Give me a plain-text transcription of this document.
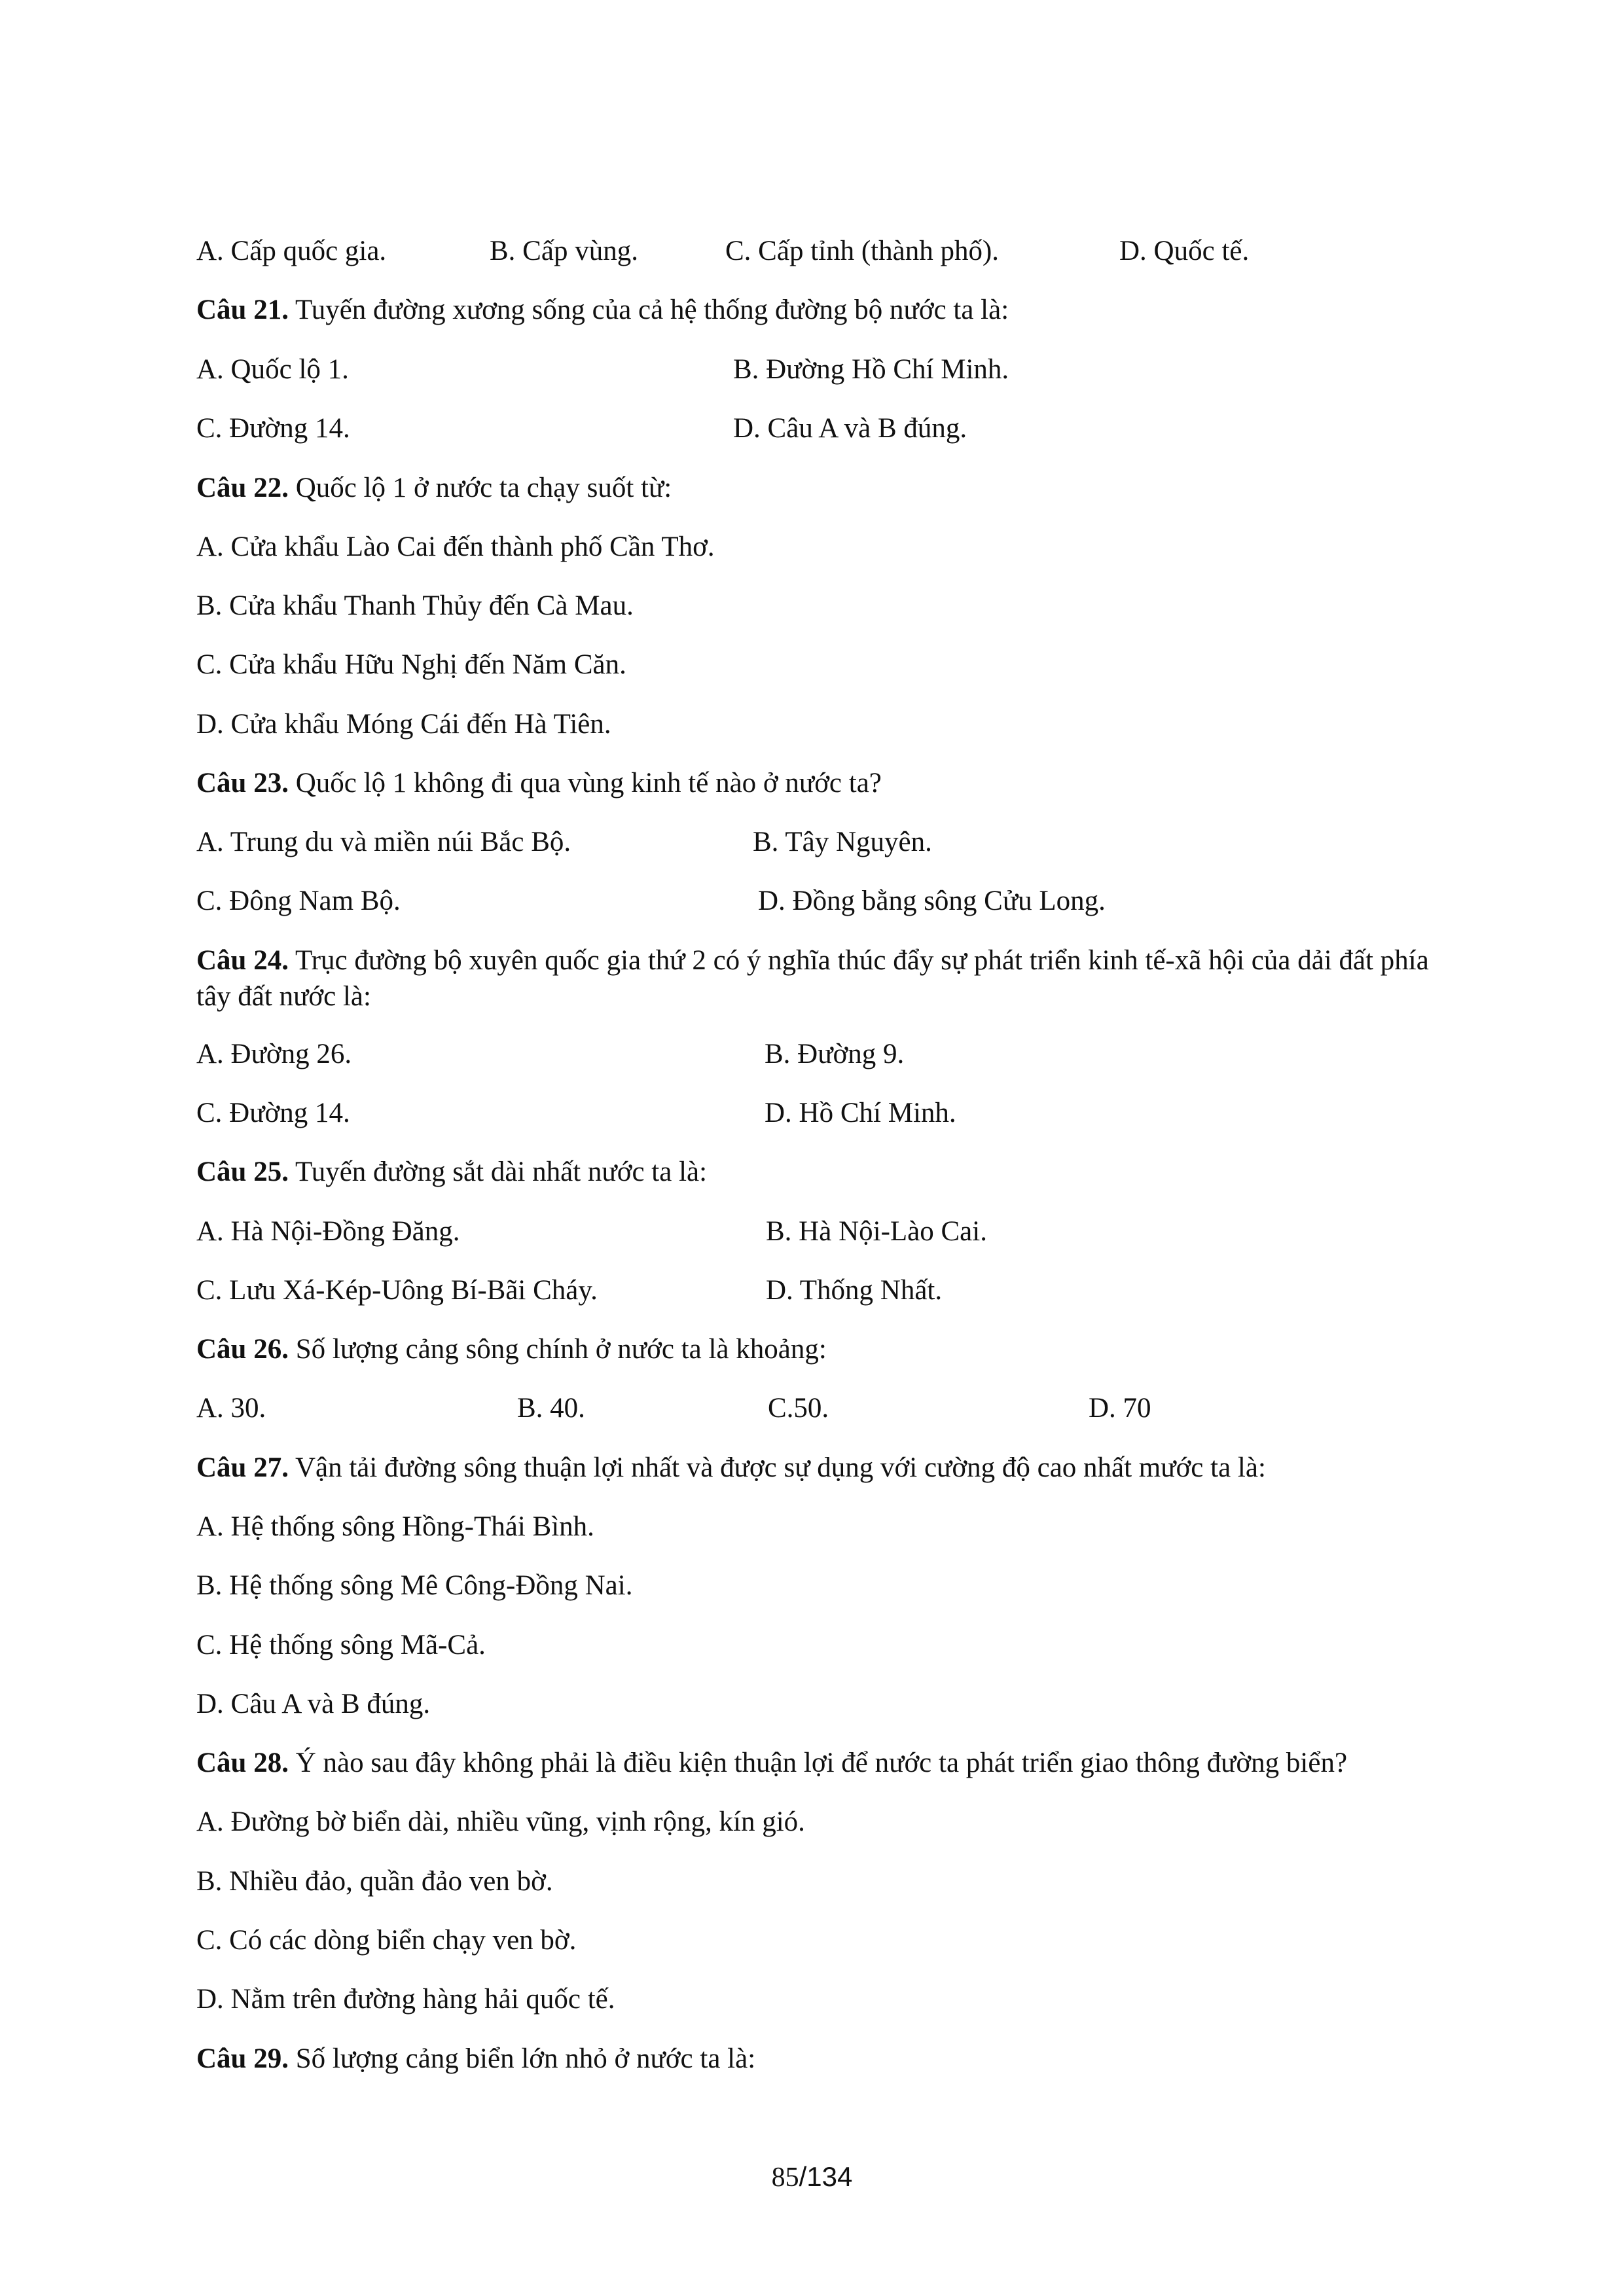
A. Cấp quốc gia.	B. Cấp vùng.	C. Cấp tỉnh (thành phố).	D. Quốc tế.
Câu 21. Tuyến đường xương sống của cả hệ thống đường bộ nước ta là:
A. Quốc lộ 1.	B. Đường Hồ Chí Minh.
C. Đường 14.	D. Câu A và B đúng.
Câu 22. Quốc lộ 1 ở nước ta chạy suốt từ:
A. Cửa khẩu Lào Cai đến thành phố Cần Thơ.
B. Cửa khẩu Thanh Thủy đến Cà Mau.
C. Cửa khẩu Hữu Nghị đến Năm Căn.
D. Cửa khẩu Móng Cái đến Hà Tiên.
Câu 23. Quốc lộ 1 không đi qua vùng kinh tế nào ở nước ta?
A. Trung du và miền núi Bắc Bộ.	B. Tây Nguyên.
C. Đông Nam Bộ.	D. Đồng bằng sông Cửu Long.
Câu 24. Trục đường bộ xuyên quốc gia thứ 2 có ý nghĩa thúc đẩy sự phát triển kinh tế-xã hội của dải đất phía tây đất nước là:
A. Đường 26.	B. Đường 9.
C. Đường 14.	D. Hồ Chí Minh.
Câu 25. Tuyến đường sắt dài nhất nước ta là:
A. Hà Nội-Đồng Đăng.	B. Hà Nội-Lào Cai.
C. Lưu Xá-Kép-Uông Bí-Bãi Cháy.	D. Thống Nhất.
Câu 26. Số lượng cảng sông chính ở nước ta là khoảng:
A. 30.	B. 40.	C.50.	D. 70
Câu 27. Vận tải đường sông thuận lợi nhất và được sự dụng với cường độ cao nhất mước ta là:
A. Hệ thống sông Hồng-Thái Bình.
B. Hệ thống sông Mê Công-Đồng Nai.
C. Hệ thống sông Mã-Cả.
D. Câu A và B đúng.
Câu 28. Ý nào sau đây không phải là điều kiện thuận lợi để nước ta phát triển giao thông đường biển?
A. Đường bờ biển dài, nhiều vũng, vịnh rộng, kín gió.
B. Nhiều đảo, quần đảo ven bờ.
C. Có các dòng biển chạy ven bờ.
D. Nằm trên đường hàng hải quốc tế.
Câu 29. Số lượng cảng biển lớn nhỏ ở nước ta là:
85/134
